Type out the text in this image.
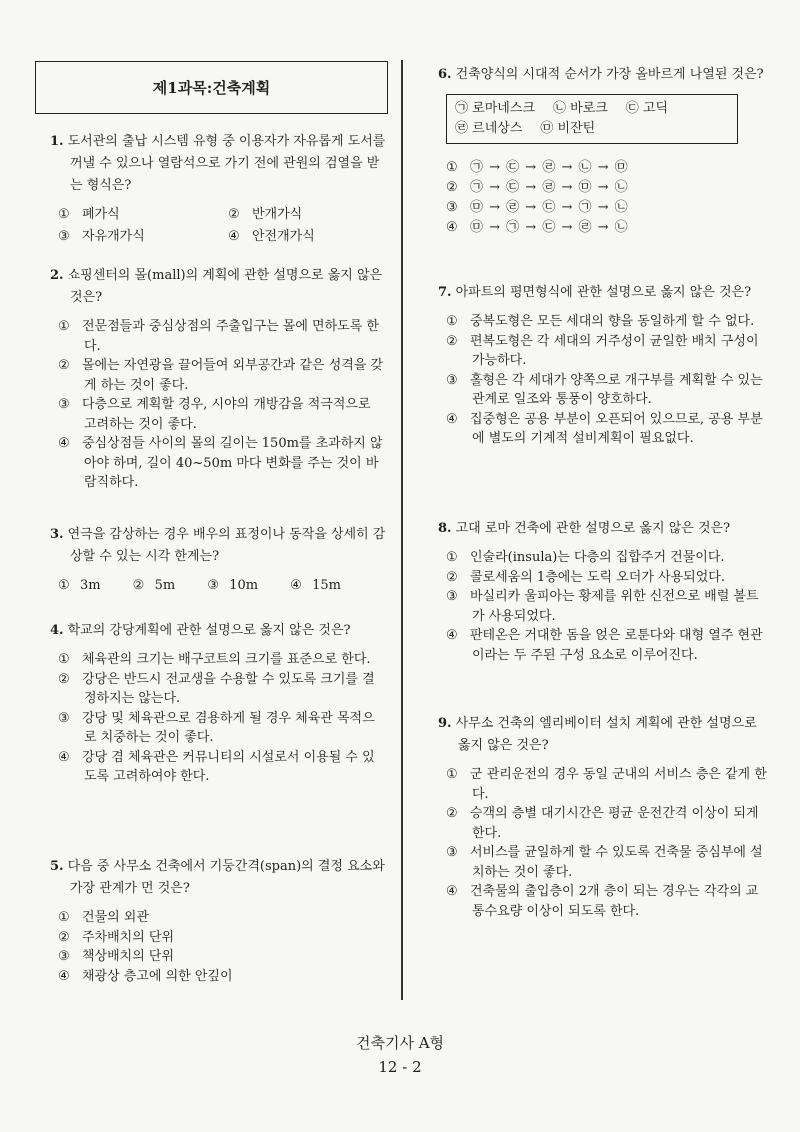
제1과목:건축계획

1. 도서관의 출납 시스템 유형 중 이용자가 자유롭게 도서를 꺼낼 수 있으나 열람석으로 가기 전에 관원의 검열을 받는 형식은?

① 폐가식	② 반개가식
③ 자유개가식	④ 안전개가식

2. 쇼핑센터의 몰(mall)의 계획에 관한 설명으로 옳지 않은 것은?

① 전문점들과 중심상점의 주출입구는 몰에 면하도록 한다.
② 몰에는 자연광을 끌어들여 외부공간과 같은 성격을 갖게 하는 것이 좋다.
③ 다층으로 계획할 경우, 시야의 개방감을 적극적으로 고려하는 것이 좋다.
④ 중심상점들 사이의 몰의 길이는 150m를 초과하지 않아야 하며, 길이 40~50m 마다 변화를 주는 것이 바람직하다.

3. 연극을 감상하는 경우 배우의 표정이나 동작을 상세히 감상할 수 있는 시각 한계는?

① 3m	② 5m	③ 10m	④ 15m

4. 학교의 강당계획에 관한 설명으로 옳지 않은 것은?

① 체육관의 크기는 배구코트의 크기를 표준으로 한다.
② 강당은 반드시 전교생을 수용할 수 있도록 크기를 결정하지는 않는다.
③ 강당 및 체육관으로 겸용하게 될 경우 체육관 목적으로 치중하는 것이 좋다.
④ 강당 겸 체육관은 커뮤니티의 시설로서 이용될 수 있도록 고려하여야 한다.

5. 다음 중 사무소 건축에서 기둥간격(span)의 결정 요소와 가장 관계가 먼 것은?

① 건물의 외관
② 주차배치의 단위
③ 책상배치의 단위
④ 채광상 층고에 의한 안깊이

6. 건축양식의 시대적 순서가 가장 올바르게 나열된 것은?

㉠ 로마네스크 ㉡ 바로크 ㉢ 고딕
㉣ 르네상스 ㉤ 비잔틴
① ㉠ → ㉢ → ㉣ → ㉡ → ㉤
② ㉠ → ㉢ → ㉣ → ㉤ → ㉡
③ ㉤ → ㉣ → ㉢ → ㉠ → ㉡
④ ㉤ → ㉠ → ㉢ → ㉣ → ㉡

7. 아파트의 평면형식에 관한 설명으로 옳지 않은 것은?

① 중복도형은 모든 세대의 향을 동일하게 할 수 없다.
② 편복도형은 각 세대의 거주성이 균일한 배치 구성이 가능하다.
③ 홀형은 각 세대가 양쪽으로 개구부를 계획할 수 있는 관계로 일조와 통풍이 양호하다.
④ 집중형은 공용 부분이 오픈되어 있으므로, 공용 부분에 별도의 기계적 설비계획이 필요없다.

8. 고대 로마 건축에 관한 설명으로 옳지 않은 것은?

① 인술라(insula)는 다층의 집합주거 건물이다.
② 콜로세움의 1층에는 도릭 오더가 사용되었다.
③ 바실리카 울피아는 황제를 위한 신전으로 배럴 볼트가 사용되었다.
④ 판테온은 거대한 돔을 얹은 로툰다와 대형 열주 현관이라는 두 주된 구성 요소로 이루어진다.

9. 사무소 건축의 엘리베이터 설치 계획에 관한 설명으로 옳지 않은 것은?

① 군 관리운전의 경우 동일 군내의 서비스 층은 같게 한다.
② 승객의 층별 대기시간은 평균 운전간격 이상이 되게 한다.
③ 서비스를 균일하게 할 수 있도록 건축물 중심부에 설치하는 것이 좋다.
④ 건축물의 출입층이 2개 층이 되는 경우는 각각의 교통수요량 이상이 되도록 한다.
건축기사 A형
12 - 2
